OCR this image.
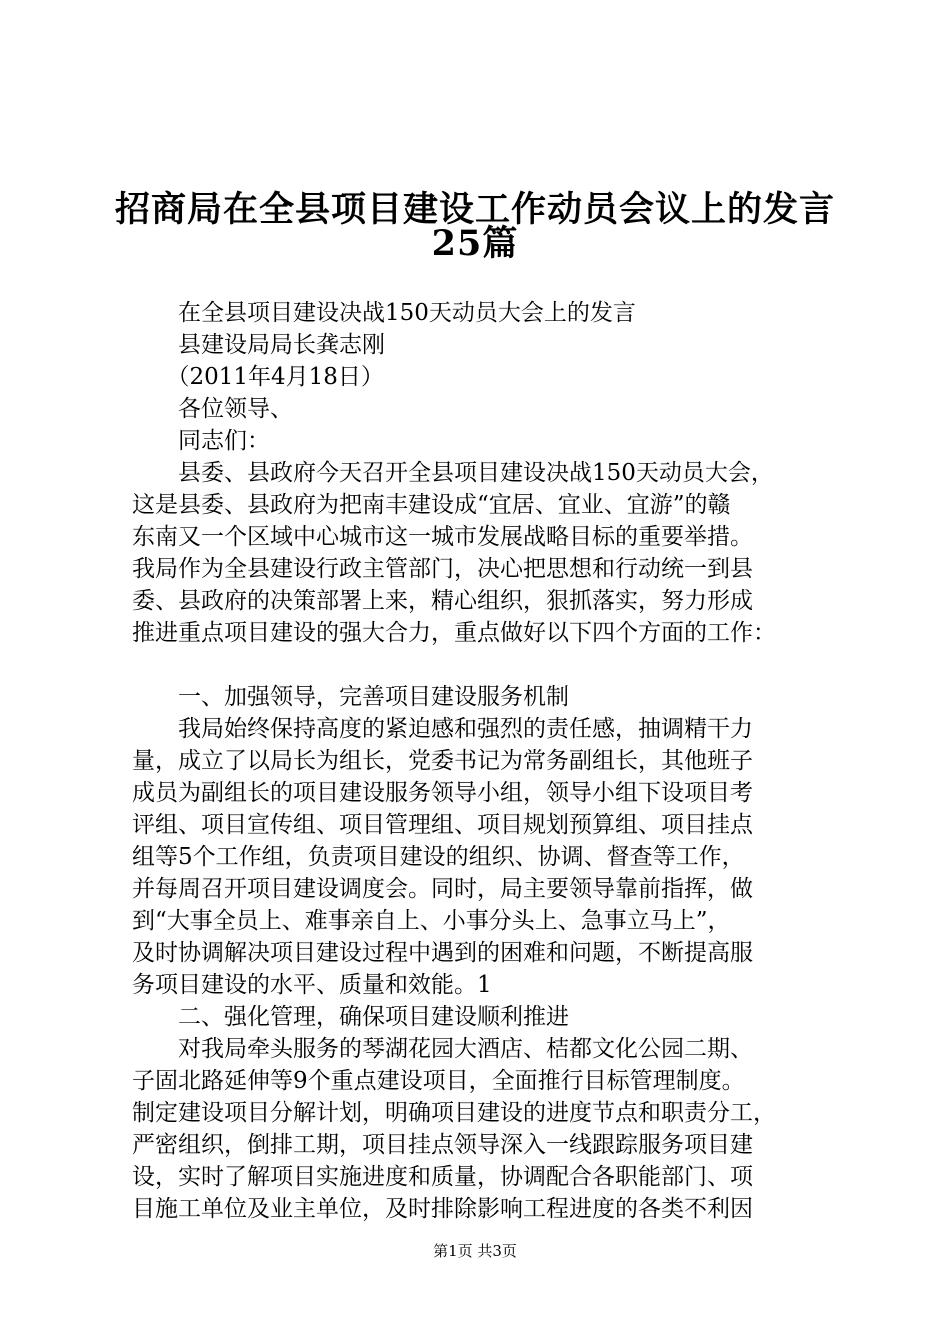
招商局在全县项目建设工作动员会议上的发言
25篇
　　在全县项目建设决战150天动员大会上的发言
　　县建设局局长龚志刚
　　（2011年4月18日）
　　各位领导、
　　同志们：
　　县委、县政府今天召开全县项目建设决战150天动员大会，
这是县委、县政府为把南丰建设成“宜居、宜业、宜游”的赣
东南又一个区域中心城市这一城市发展战略目标的重要举措。
我局作为全县建设行政主管部门，决心把思想和行动统一到县
委、县政府的决策部署上来，精心组织，狠抓落实，努力形成
推进重点项目建设的强大合力，重点做好以下四个方面的工作：
　　一、加强领导，完善项目建设服务机制
　　我局始终保持高度的紧迫感和强烈的责任感，抽调精干力
量，成立了以局长为组长，党委书记为常务副组长，其他班子
成员为副组长的项目建设服务领导小组，领导小组下设项目考
评组、项目宣传组、项目管理组、项目规划预算组、项目挂点
组等5个工作组，负责项目建设的组织、协调、督查等工作，
并每周召开项目建设调度会。同时，局主要领导靠前指挥，做
到“大事全员上、难事亲自上、小事分头上、急事立马上”，
及时协调解决项目建设过程中遇到的困难和问题，不断提高服
务项目建设的水平、质量和效能。1
　　二、强化管理，确保项目建设顺利推进
　　对我局牵头服务的琴湖花园大酒店、桔都文化公园二期、
子固北路延伸等9个重点建设项目，全面推行目标管理制度。
制定建设项目分解计划，明确项目建设的进度节点和职责分工，
严密组织，倒排工期，项目挂点领导深入一线跟踪服务项目建
设，实时了解项目实施进度和质量，协调配合各职能部门、项
目施工单位及业主单位，及时排除影响工程进度的各类不利因
第1页 共3页
